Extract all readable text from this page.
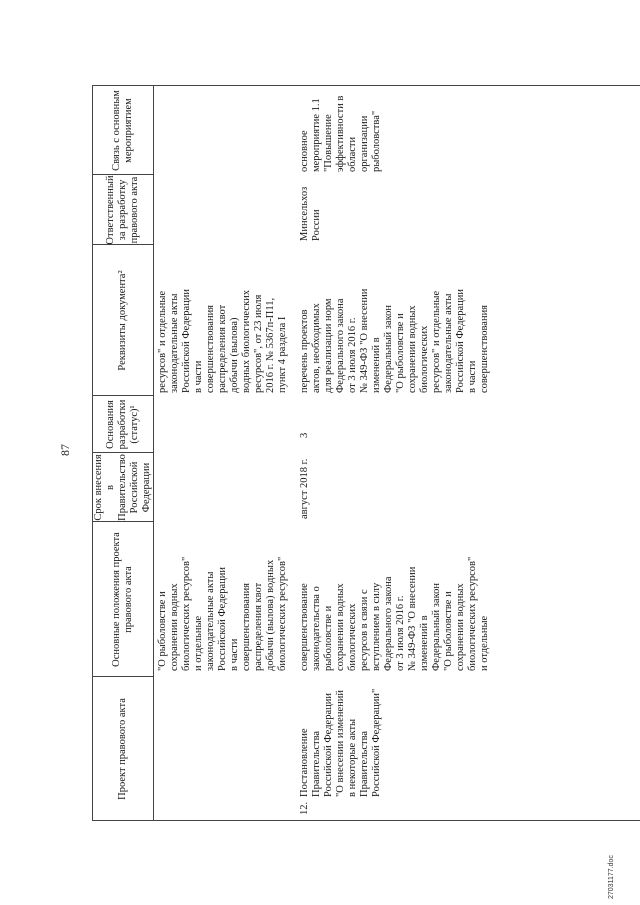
Проект правового акта
Основные положения проекта правового акта
Срок внесения в Правительство Российской Федерации
Основания разработки (статус)¹
Реквизиты документа²
Ответственный за разработку правового акта
Связь с основным мероприятием
"О рыболовстве и
сохранении водных
биологических ресурсов"
и отдельные
законодательные акты
Российской Федерации
в части
совершенствования
распределения квот
добычи (вылова) водных
биологических ресурсов"
ресурсов" и отдельные
законодательные акты
Российской Федерации
в части
совершенствования
распределения квот
добычи (вылова)
водных биологических
ресурсов", от 23 июля
2016 г. № 5367п-П11,
пункт 4 раздела I
12.
Постановление
Правительства
Российской Федерации
"О внесении изменений
в некоторые акты
Правительства
Российской Федерации"
совершенствование
законодательства о
рыболовстве и
сохранении водных
биологических
ресурсов в связи с
вступлением в силу
Федерального закона
от 3 июля 2016 г.
№ 349-ФЗ "О внесении
изменений в
Федеральный закон
"О рыболовстве и
сохранении водных
биологических ресурсов"
и отдельные
август 2018 г.
3
перечень проектов
актов, необходимых
для реализации норм
Федерального закона
от 3 июля 2016 г.
№ 349-ФЗ "О внесении
изменений в
Федеральный закон
"О рыболовстве и
сохранении водных
биологических
ресурсов" и отдельные
законодательные акты
Российской Федерации
в части
совершенствования
Минсельхоз
России
основное
мероприятие 1.1
"Повышение
эффективности в
области организации
рыболовства"
87
27031177.doc
